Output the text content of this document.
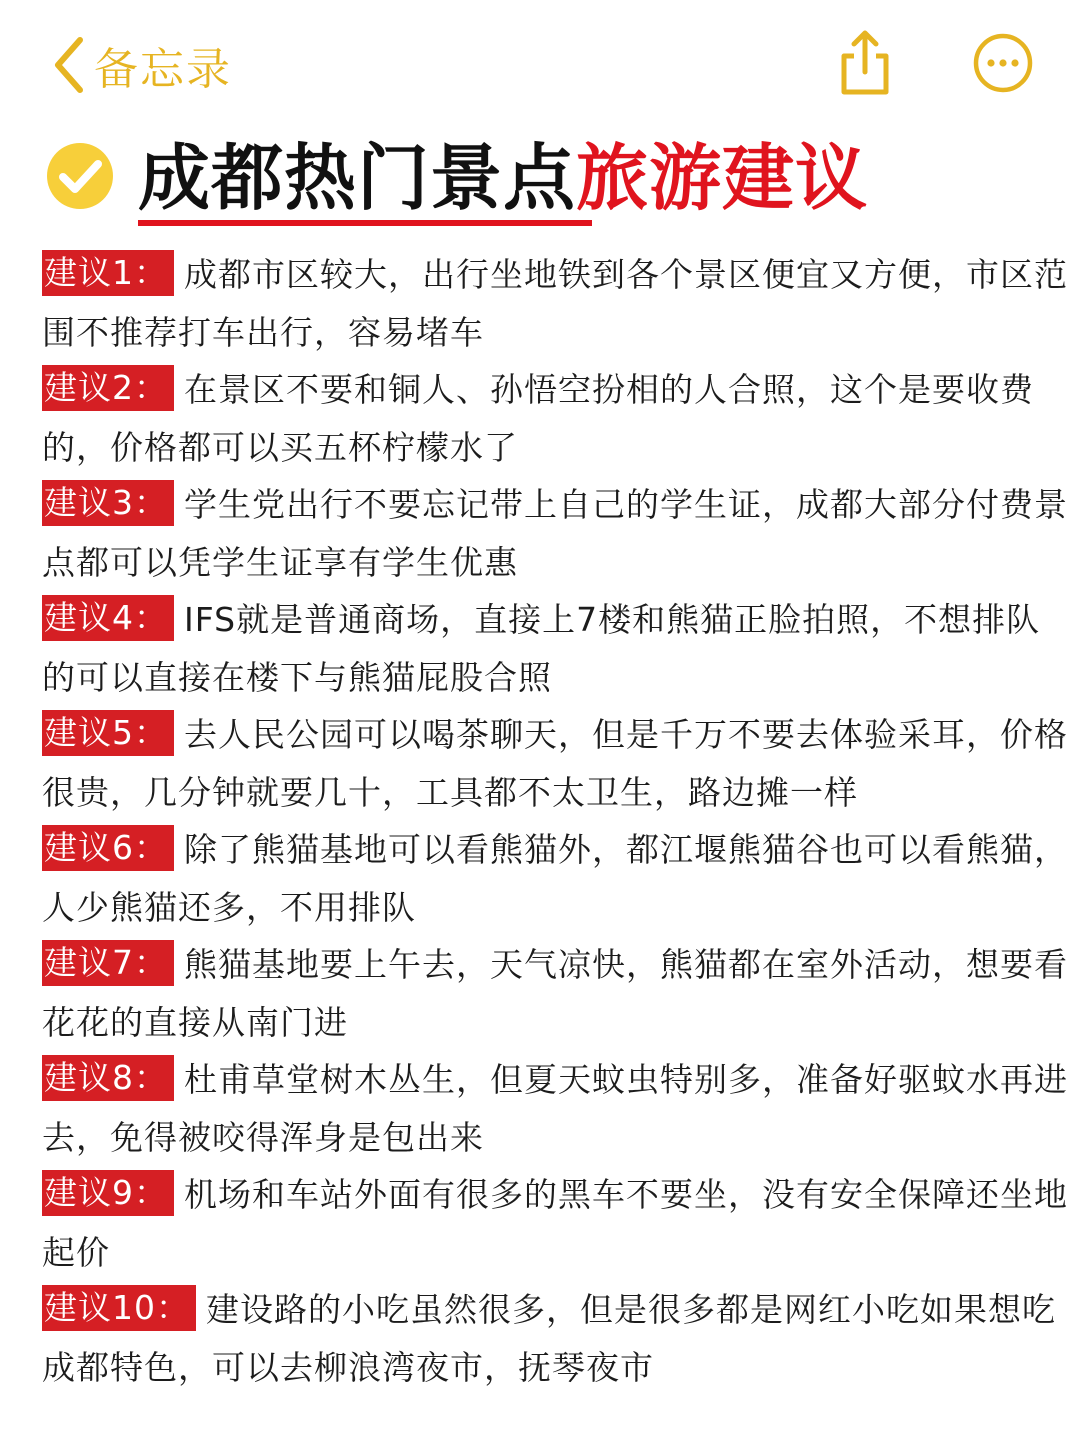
备忘录
成都热门景点旅游建议
建议1： 成都市区较大，出行坐地铁到各个景区便宜又方便，市区范围不推荐打车出行，容易堵车
建议2： 在景区不要和铜人、孙悟空扮相的人合照，这个是要收费的，价格都可以买五杯柠檬水了
建议3： 学生党出行不要忘记带上自己的学生证，成都大部分付费景点都可以凭学生证享有学生优惠
建议4： IFS就是普通商场，直接上7楼和熊猫正脸拍照，不想排队的可以直接在楼下与熊猫屁股合照
建议5： 去人民公园可以喝茶聊天，但是千万不要去体验采耳，价格很贵，几分钟就要几十，工具都不太卫生，路边摊一样
建议6： 除了熊猫基地可以看熊猫外，都江堰熊猫谷也可以看熊猫，人少熊猫还多，不用排队
建议7： 熊猫基地要上午去，天气凉快，熊猫都在室外活动，想要看花花的直接从南门进
建议8： 杜甫草堂树木丛生，但夏天蚊虫特别多，准备好驱蚊水再进去，免得被咬得浑身是包出来
建议9： 机场和车站外面有很多的黑车不要坐，没有安全保障还坐地起价
建议10： 建设路的小吃虽然很多，但是很多都是网红小吃如果想吃成都特色，可以去柳浪湾夜市，抚琴夜市
